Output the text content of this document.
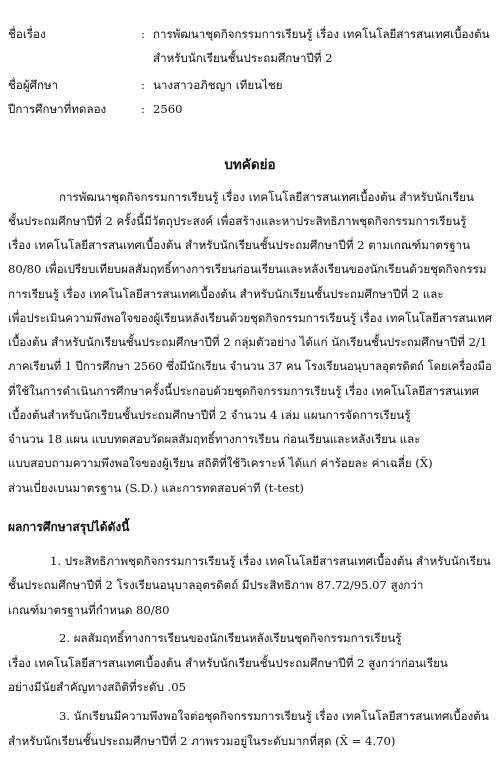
ชื่อเรื่อง	: การพัฒนาชุดกิจกรรมการเรียนรู้ เรื่อง เทคโนโลยีสารสนเทศเบื้องต้น
สำหรับนักเรียนชั้นประถมศึกษาปีที่ 2
ชื่อผู้ศึกษา	: นางสาวอภิชญา เทียนไชย
ปีการศึกษาที่ทดลอง	: 2560
บทคัดย่อ
การพัฒนาชุดกิจกรรมการเรียนรู้ เรื่อง เทคโนโลยีสารสนเทศเบื้องต้น สำหรับนักเรียน
ชั้นประถมศึกษาปีที่ 2 ครั้งนี้มีวัตถุประสงค์ เพื่อสร้างและหาประสิทธิภาพชุดกิจกรรมการเรียนรู้
เรื่อง เทคโนโลยีสารสนเทศเบื้องต้น สำหรับนักเรียนชั้นประถมศึกษาปีที่ 2 ตามเกณฑ์มาตรฐาน
80/80 เพื่อเปรียบเทียบผลสัมฤทธิ์ทางการเรียนก่อนเรียนและหลังเรียนของนักเรียนด้วยชุดกิจกรรม
การเรียนรู้ เรื่อง เทคโนโลยีสารสนเทศเบื้องต้น สำหรับนักเรียนชั้นประถมศึกษาปีที่ 2 และ
เพื่อประเมินความพึงพอใจของผู้เรียนหลังเรียนด้วยชุดกิจกรรมการเรียนรู้ เรื่อง เทคโนโลยีสารสนเทศ
เบื้องต้น สำหรับนักเรียนชั้นประถมศึกษาปีที่ 2 กลุ่มตัวอย่าง ได้แก่ นักเรียนชั้นประถมศึกษาปีที่ 2/1
ภาคเรียนที่ 1 ปีการศึกษา 2560 ซึ่งมีนักเรียน จำนวน 37 คน โรงเรียนอนุบาลอุตรดิตถ์ โดยเครื่องมือ
ที่ใช้ในการดำเนินการศึกษาครั้งนี้ประกอบด้วยชุดกิจกรรมการเรียนรู้ เรื่อง เทคโนโลยีสารสนเทศ
เบื้องต้นสำหรับนักเรียนชั้นประถมศึกษาปีที่ 2 จำนวน 4 เล่ม แผนการจัดการเรียนรู้
จำนวน 18 แผน แบบทดสอบวัดผลสัมฤทธิ์ทางการเรียน ก่อนเรียนและหลังเรียน และ
แบบสอบถามความพึงพอใจของผู้เรียน สถิติที่ใช้วิเคราะห์ ได้แก่ ค่าร้อยละ ค่าเฉลี่ย (X̄)
ส่วนเบี่ยงเบนมาตรฐาน (S.D.) และการทดสอบค่าที (t-test)
ผลการศึกษาสรุปได้ดังนี้
1. ประสิทธิภาพชุดกิจกรรมการเรียนรู้ เรื่อง เทคโนโลยีสารสนเทศเบื้องต้น สำหรับนักเรียน
ชั้นประถมศึกษาปีที่ 2 โรงเรียนอนุบาลอุตรดิตถ์ มีประสิทธิภาพ 87.72/95.07 สูงกว่า
เกณฑ์มาตรฐานที่กำหนด 80/80
2. ผลสัมฤทธิ์ทางการเรียนของนักเรียนหลังเรียนชุดกิจกรรมการเรียนรู้
เรื่อง เทคโนโลยีสารสนเทศเบื้องต้น สำหรับนักเรียนชั้นประถมศึกษาปีที่ 2 สูงกว่าก่อนเรียน
อย่างมีนัยสำคัญทางสถิติที่ระดับ .05
3. นักเรียนมีความพึงพอใจต่อชุดกิจกรรมการเรียนรู้ เรื่อง เทคโนโลยีสารสนเทศเบื้องต้น
สำหรับนักเรียนชั้นประถมศึกษาปีที่ 2 ภาพรวมอยู่ในระดับมากที่สุด (X̄ = 4.70)
